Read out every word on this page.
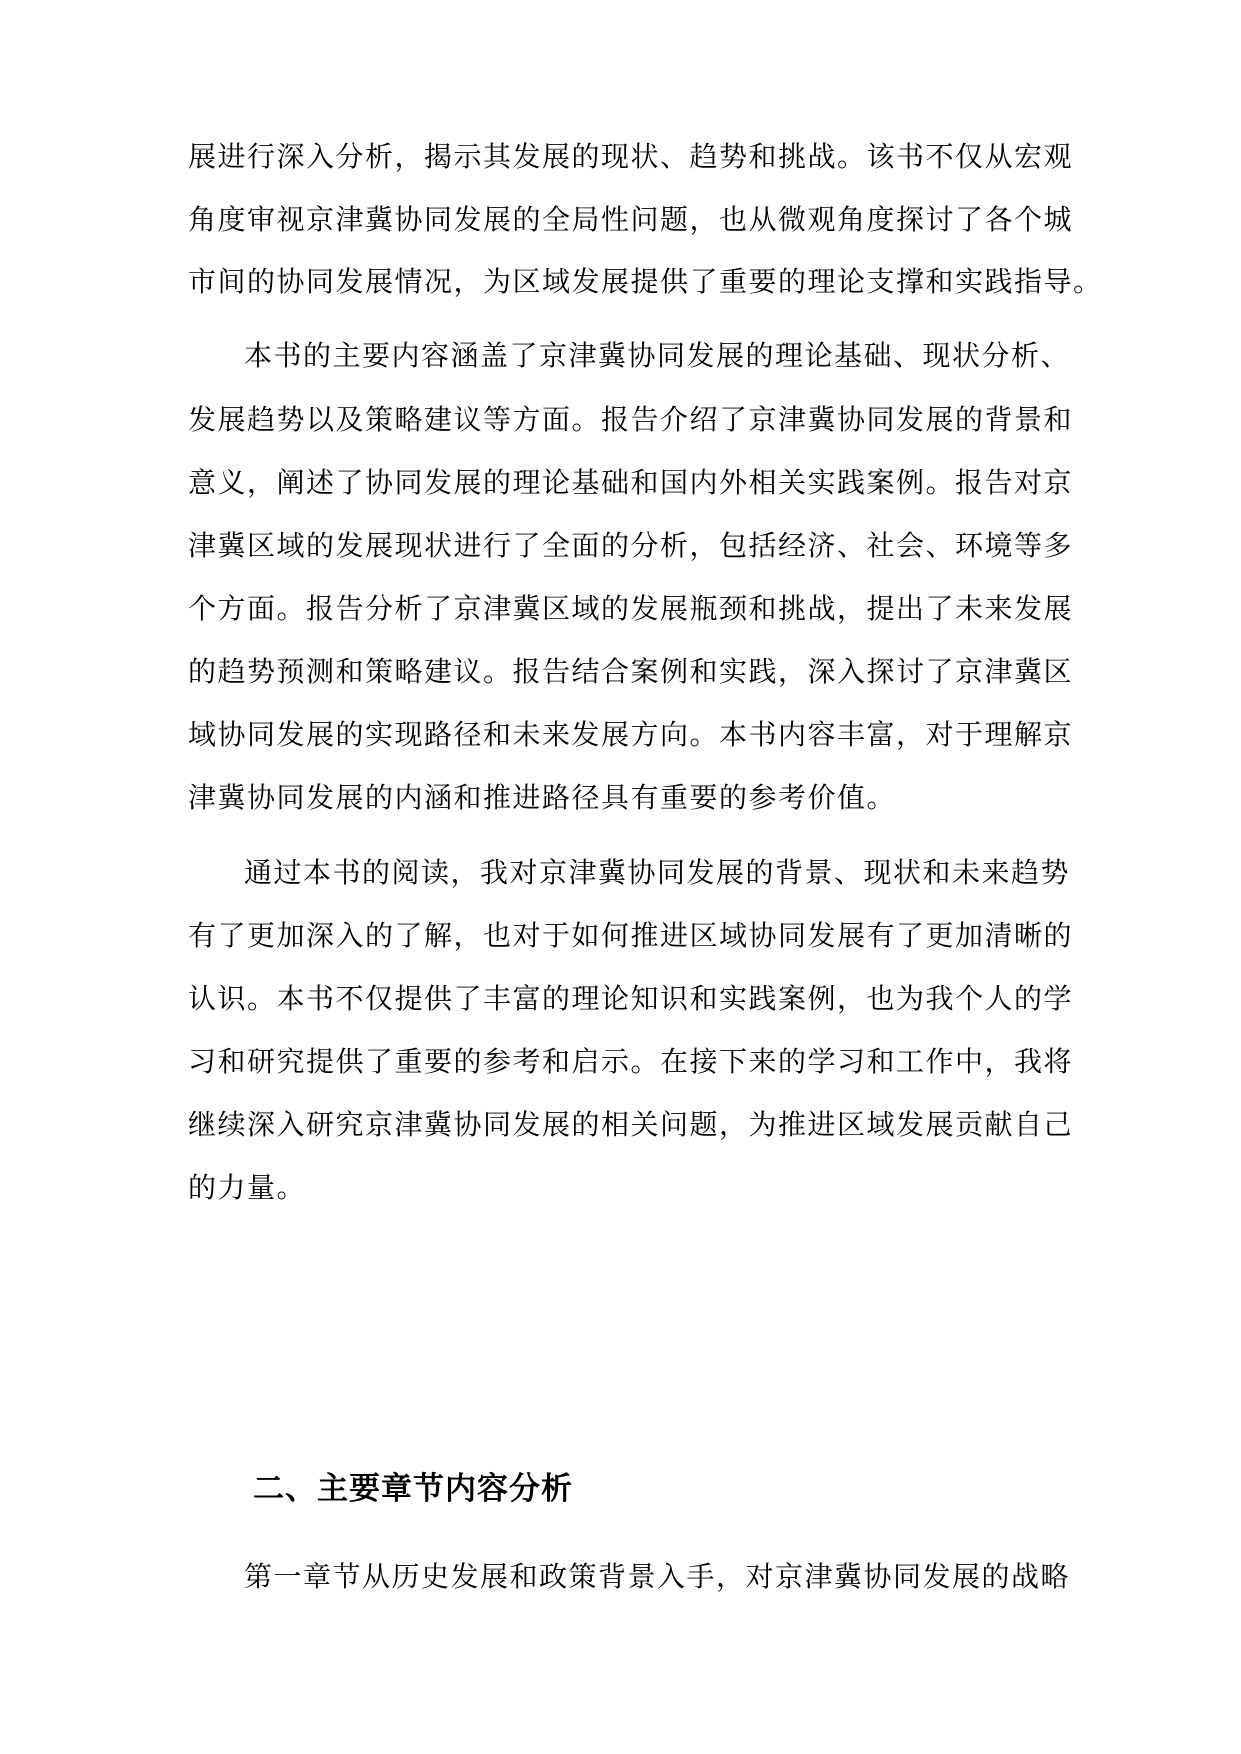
展进行深入分析，揭示其发展的现状、趋势和挑战。该书不仅从宏观
角度审视京津冀协同发展的全局性问题，也从微观角度探讨了各个城
市间的协同发展情况，为区域发展提供了重要的理论支撑和实践指导。
本书的主要内容涵盖了京津冀协同发展的理论基础、现状分析、
发展趋势以及策略建议等方面。报告介绍了京津冀协同发展的背景和
意义，阐述了协同发展的理论基础和国内外相关实践案例。报告对京
津冀区域的发展现状进行了全面的分析，包括经济、社会、环境等多
个方面。报告分析了京津冀区域的发展瓶颈和挑战，提出了未来发展
的趋势预测和策略建议。报告结合案例和实践，深入探讨了京津冀区
域协同发展的实现路径和未来发展方向。本书内容丰富，对于理解京
津冀协同发展的内涵和推进路径具有重要的参考价值。
通过本书的阅读，我对京津冀协同发展的背景、现状和未来趋势
有了更加深入的了解，也对于如何推进区域协同发展有了更加清晰的
认识。本书不仅提供了丰富的理论知识和实践案例，也为我个人的学
习和研究提供了重要的参考和启示。在接下来的学习和工作中，我将
继续深入研究京津冀协同发展的相关问题，为推进区域发展贡献自己
的力量。
二、主要章节内容分析
第一章节从历史发展和政策背景入手，对京津冀协同发展的战略
